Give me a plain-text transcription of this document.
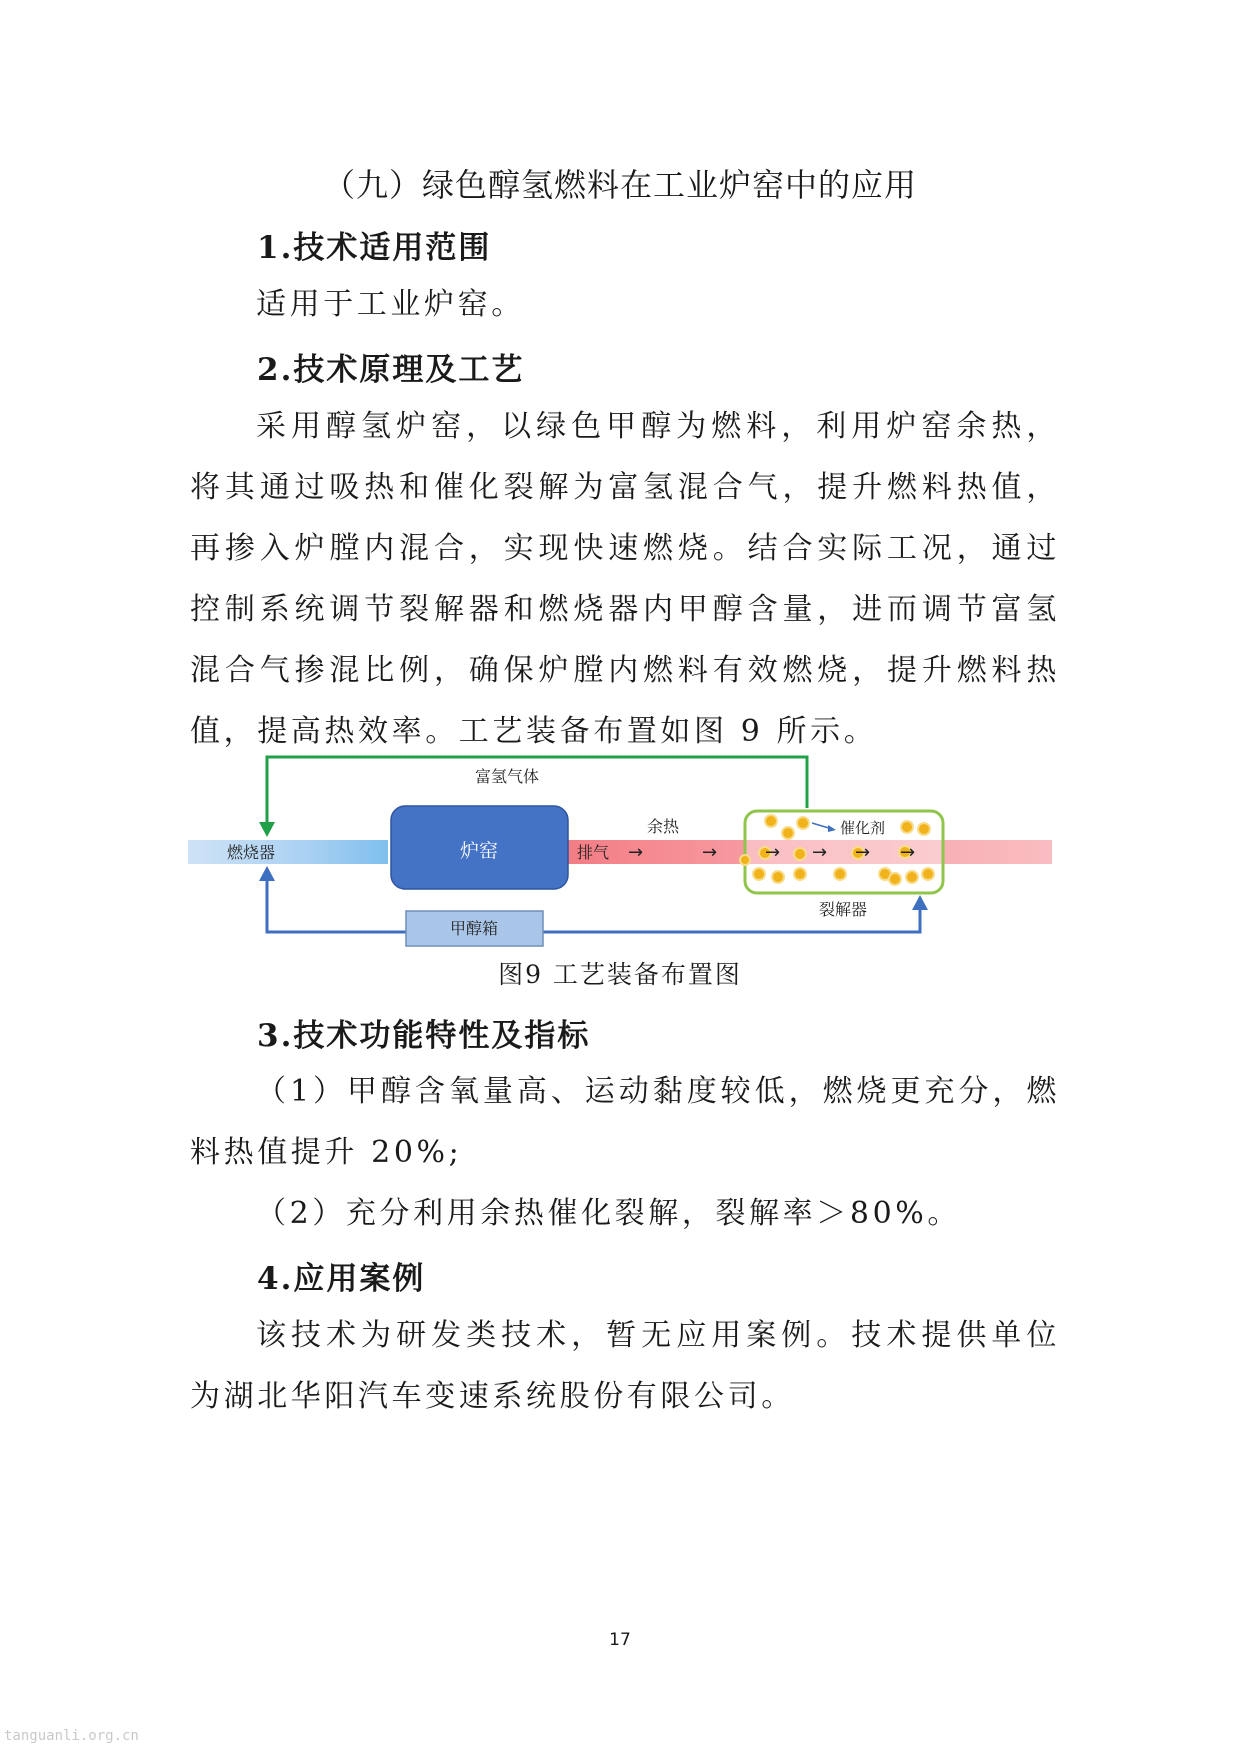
（九）绿色醇氢燃料在工业炉窑中的应用
1.技术适用范围
适用于工业炉窑。
2.技术原理及工艺
采用醇氢炉窑，以绿色甲醇为燃料，利用炉窑余热，将其通过吸热和催化裂解为富氢混合气，提升燃料热值，再掺入炉膛内混合，实现快速燃烧。结合实际工况，通过控制系统调节裂解器和燃烧器内甲醇含量，进而调节富氢混合气掺混比例，确保炉膛内燃料有效燃烧，提升燃料热值，提高热效率。工艺装备布置如图 9 所示。
富氢气体
炉窑
燃烧器
余热
排气 →	→
催化剂
→ → → →
裂解器
甲醇箱
图9 工艺装备布置图
3.技术功能特性及指标
（1）甲醇含氧量高、运动黏度较低，燃烧更充分，燃料热值提升 20%;
（2）充分利用余热催化裂解，裂解率＞80%。
4.应用案例
该技术为研发类技术，暂无应用案例。技术提供单位为湖北华阳汽车变速系统股份有限公司。
17
tanguanli.org.cn
